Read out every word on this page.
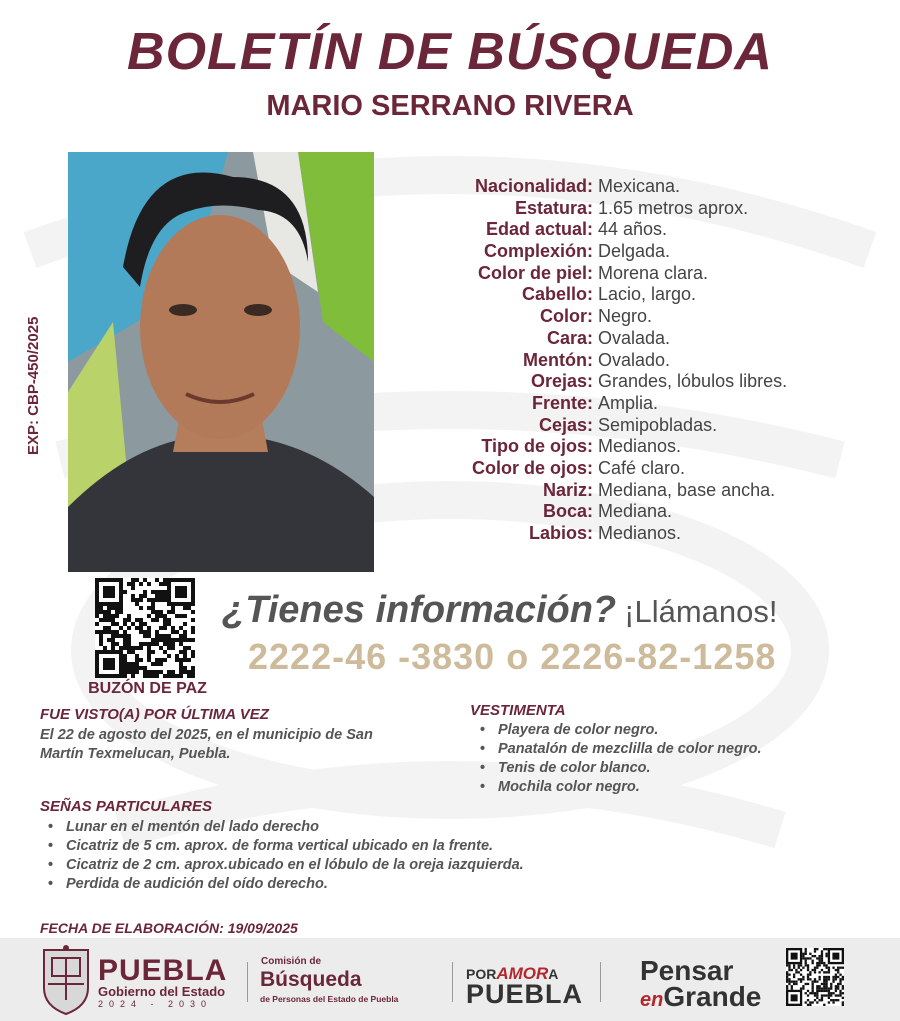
BOLETÍN DE BÚSQUEDA
MARIO SERRANO RIVERA
EXP: CBP-450/2025
Nacionalidad: Mexicana.
Estatura: 1.65 metros aprox.
Edad actual: 44 años.
Complexión: Delgada.
Color de piel: Morena clara.
Cabello: Lacio, largo.
Color: Negro.
Cara: Ovalada.
Mentón: Ovalado.
Orejas: Grandes, lóbulos libres.
Frente: Amplia.
Cejas: Semipobladas.
Tipo de ojos: Medianos.
Color de ojos: Café claro.
Nariz: Mediana, base ancha.
Boca: Mediana.
Labios: Medianos.
BUZÓN DE PAZ
¿Tienes información? ¡Llámanos!
2222-46 -3830 o 2226-82-1258
FUE VISTO(A) POR ÚLTIMA VEZ
El 22 de agosto del 2025, en el municipio de San
Martín Texmelucan, Puebla.
VESTIMENTA
• Playera de color negro.
• Panatalón de mezclilla de color negro.
• Tenis de color blanco.
• Mochila color negro.
SEÑAS PARTICULARES
• Lunar en el mentón del lado derecho
• Cicatriz de 5 cm. aprox. de forma vertical ubicado en la frente.
• Cicatriz de 2 cm. aprox.ubicado en el lóbulo de la oreja iazquierda.
• Perdida de audición del oído derecho.
FECHA DE ELABORACIÓN: 19/09/2025
PUEBLA
Gobierno del Estado
2024 - 2030
Comisión de
Búsqueda
de Personas del Estado de Puebla
PORAMORA
PUEBLA
Pensar
enGrande
